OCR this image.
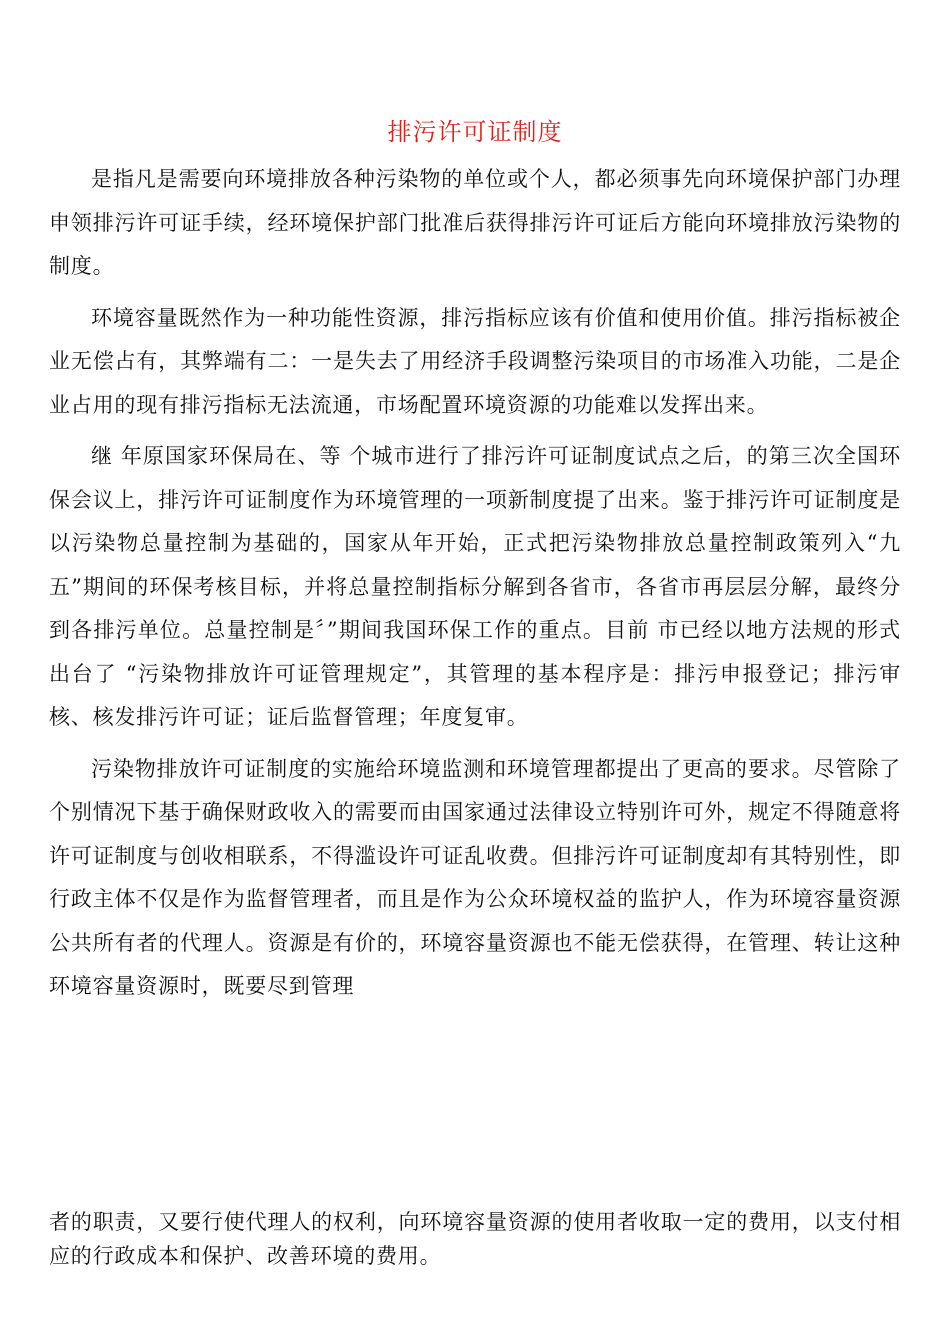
排污许可证制度

是指凡是需要向环境排放各种污染物的单位或个人，都必须事先向环境保护部门办理申领排污许可证手续，经环境保护部门批准后获得排污许可证后方能向环境排放污染物的制度。

环境容量既然作为一种功能性资源，排污指标应该有价值和使用价值。排污指标被企业无偿占有，其弊端有二：一是失去了用经济手段调整污染项目的市场准入功能，二是企业占用的现有排污指标无法流通，市场配置环境资源的功能难以发挥出来。

继 年原国家环保局在、等 个城市进行了排污许可证制度试点之后，的第三次全国环保会议上，排污许可证制度作为环境管理的一项新制度提了出来。鉴于排污许可证制度是以污染物总量控制为基础的，国家从年开始，正式把污染物排放总量控制政策列入“九五”期间的环保考核目标，并将总量控制指标分解到各省市，各省市再层层分解，最终分到各排污单位。总量控制是〞”期间我国环保工作的重点。目前 市已经以地方法规的形式出台了 “污染物排放许可证管理规定”，其管理的基本程序是：排污申报登记；排污审核、核发排污许可证；证后监督管理；年度复审。

污染物排放许可证制度的实施给环境监测和环境管理都提出了更高的要求。尽管除了个别情况下基于确保财政收入的需要而由国家通过法律设立特别许可外，规定不得随意将许可证制度与创收相联系，不得滥设许可证乱收费。但排污许可证制度却有其特别性，即行政主体不仅是作为监督管理者，而且是作为公众环境权益的监护人，作为环境容量资源公共所有者的代理人。资源是有价的，环境容量资源也不能无偿获得，在管理、转让这种环境容量资源时，既要尽到管理

者的职责，又要行使代理人的权利，向环境容量资源的使用者收取一定的费用，以支付相应的行政成本和保护、改善环境的费用。
